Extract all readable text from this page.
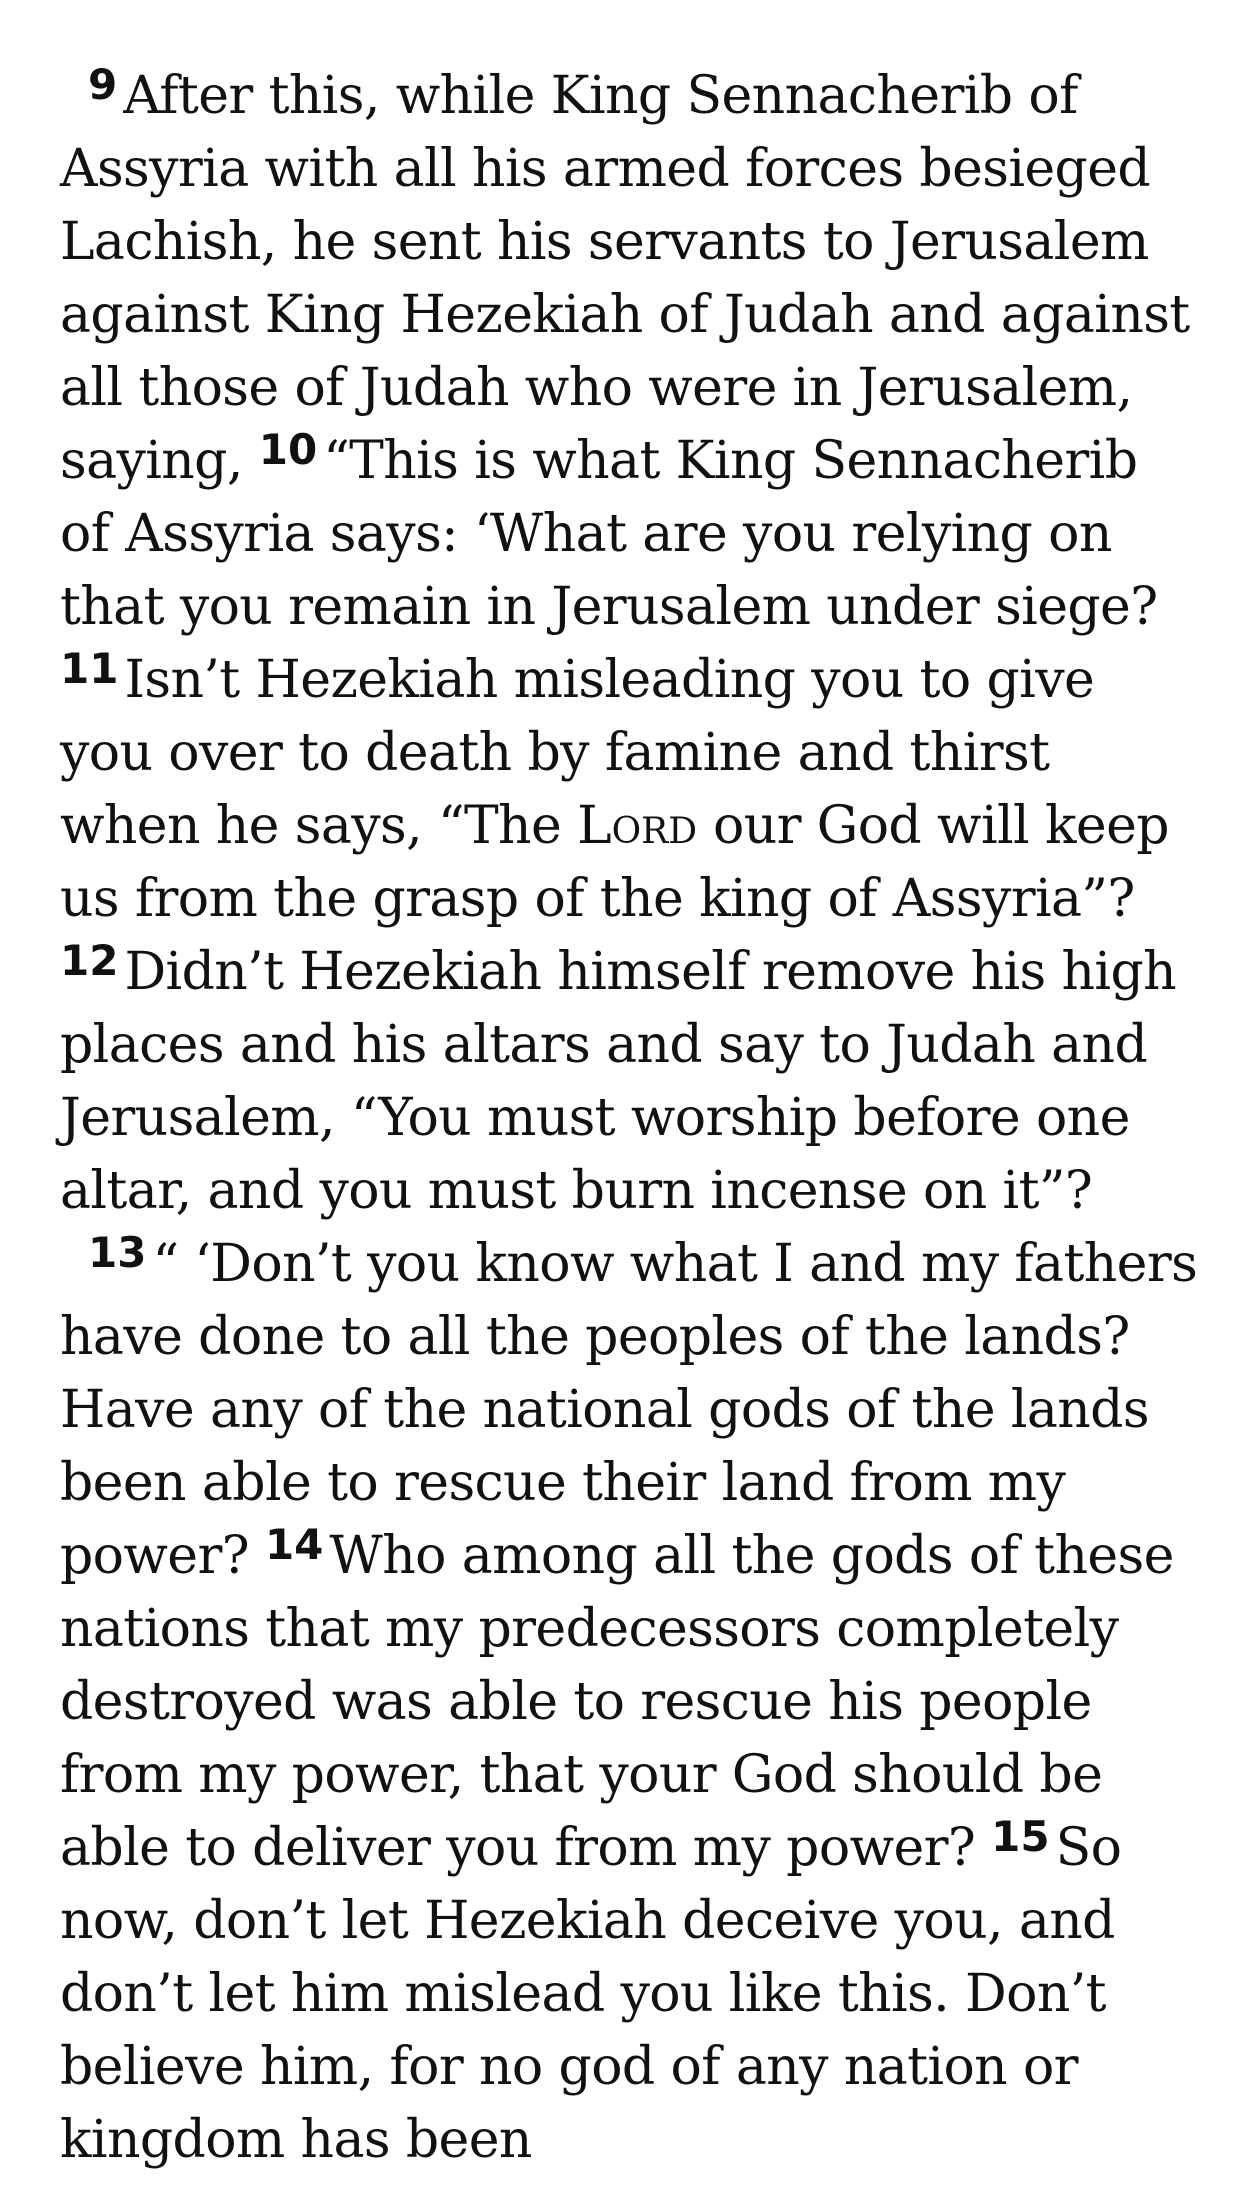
$^9$ After this, while King Sennacherib of Assyria with all his armed forces besieged Lachish, he sent his servants to Jerusalem against King Hezekiah of Judah and against all those of Judah who were in Jerusalem, saying, $^{10}$ “This is what King Sennacherib of Assyria says: ‘What are you relying on that you remain in Jerusalem under siege? $^{11}$ Isn’t Hezekiah misleading you to give you over to death by famine and thirst when he says, “The Lord our God will keep us from the grasp of the king of Assyria”? $^{12}$ Didn’t Hezekiah himself remove his high places and his altars and say to Judah and Jerusalem, “You must worship before one altar, and you must burn incense on it”?

$^{13}$ “ ‘Don’t you know what I and my fathers have done to all the peoples of the lands? Have any of the national gods of the lands been able to rescue their land from my power? $^{14}$ Who among all the gods of these nations that my predecessors completely destroyed was able to rescue his people from my power, that your God should be able to deliver you from my power? $^{15}$ So now, don’t let Hezekiah deceive you, and don’t let him mislead you like this. Don’t believe him, for no god of any nation or kingdom has been
